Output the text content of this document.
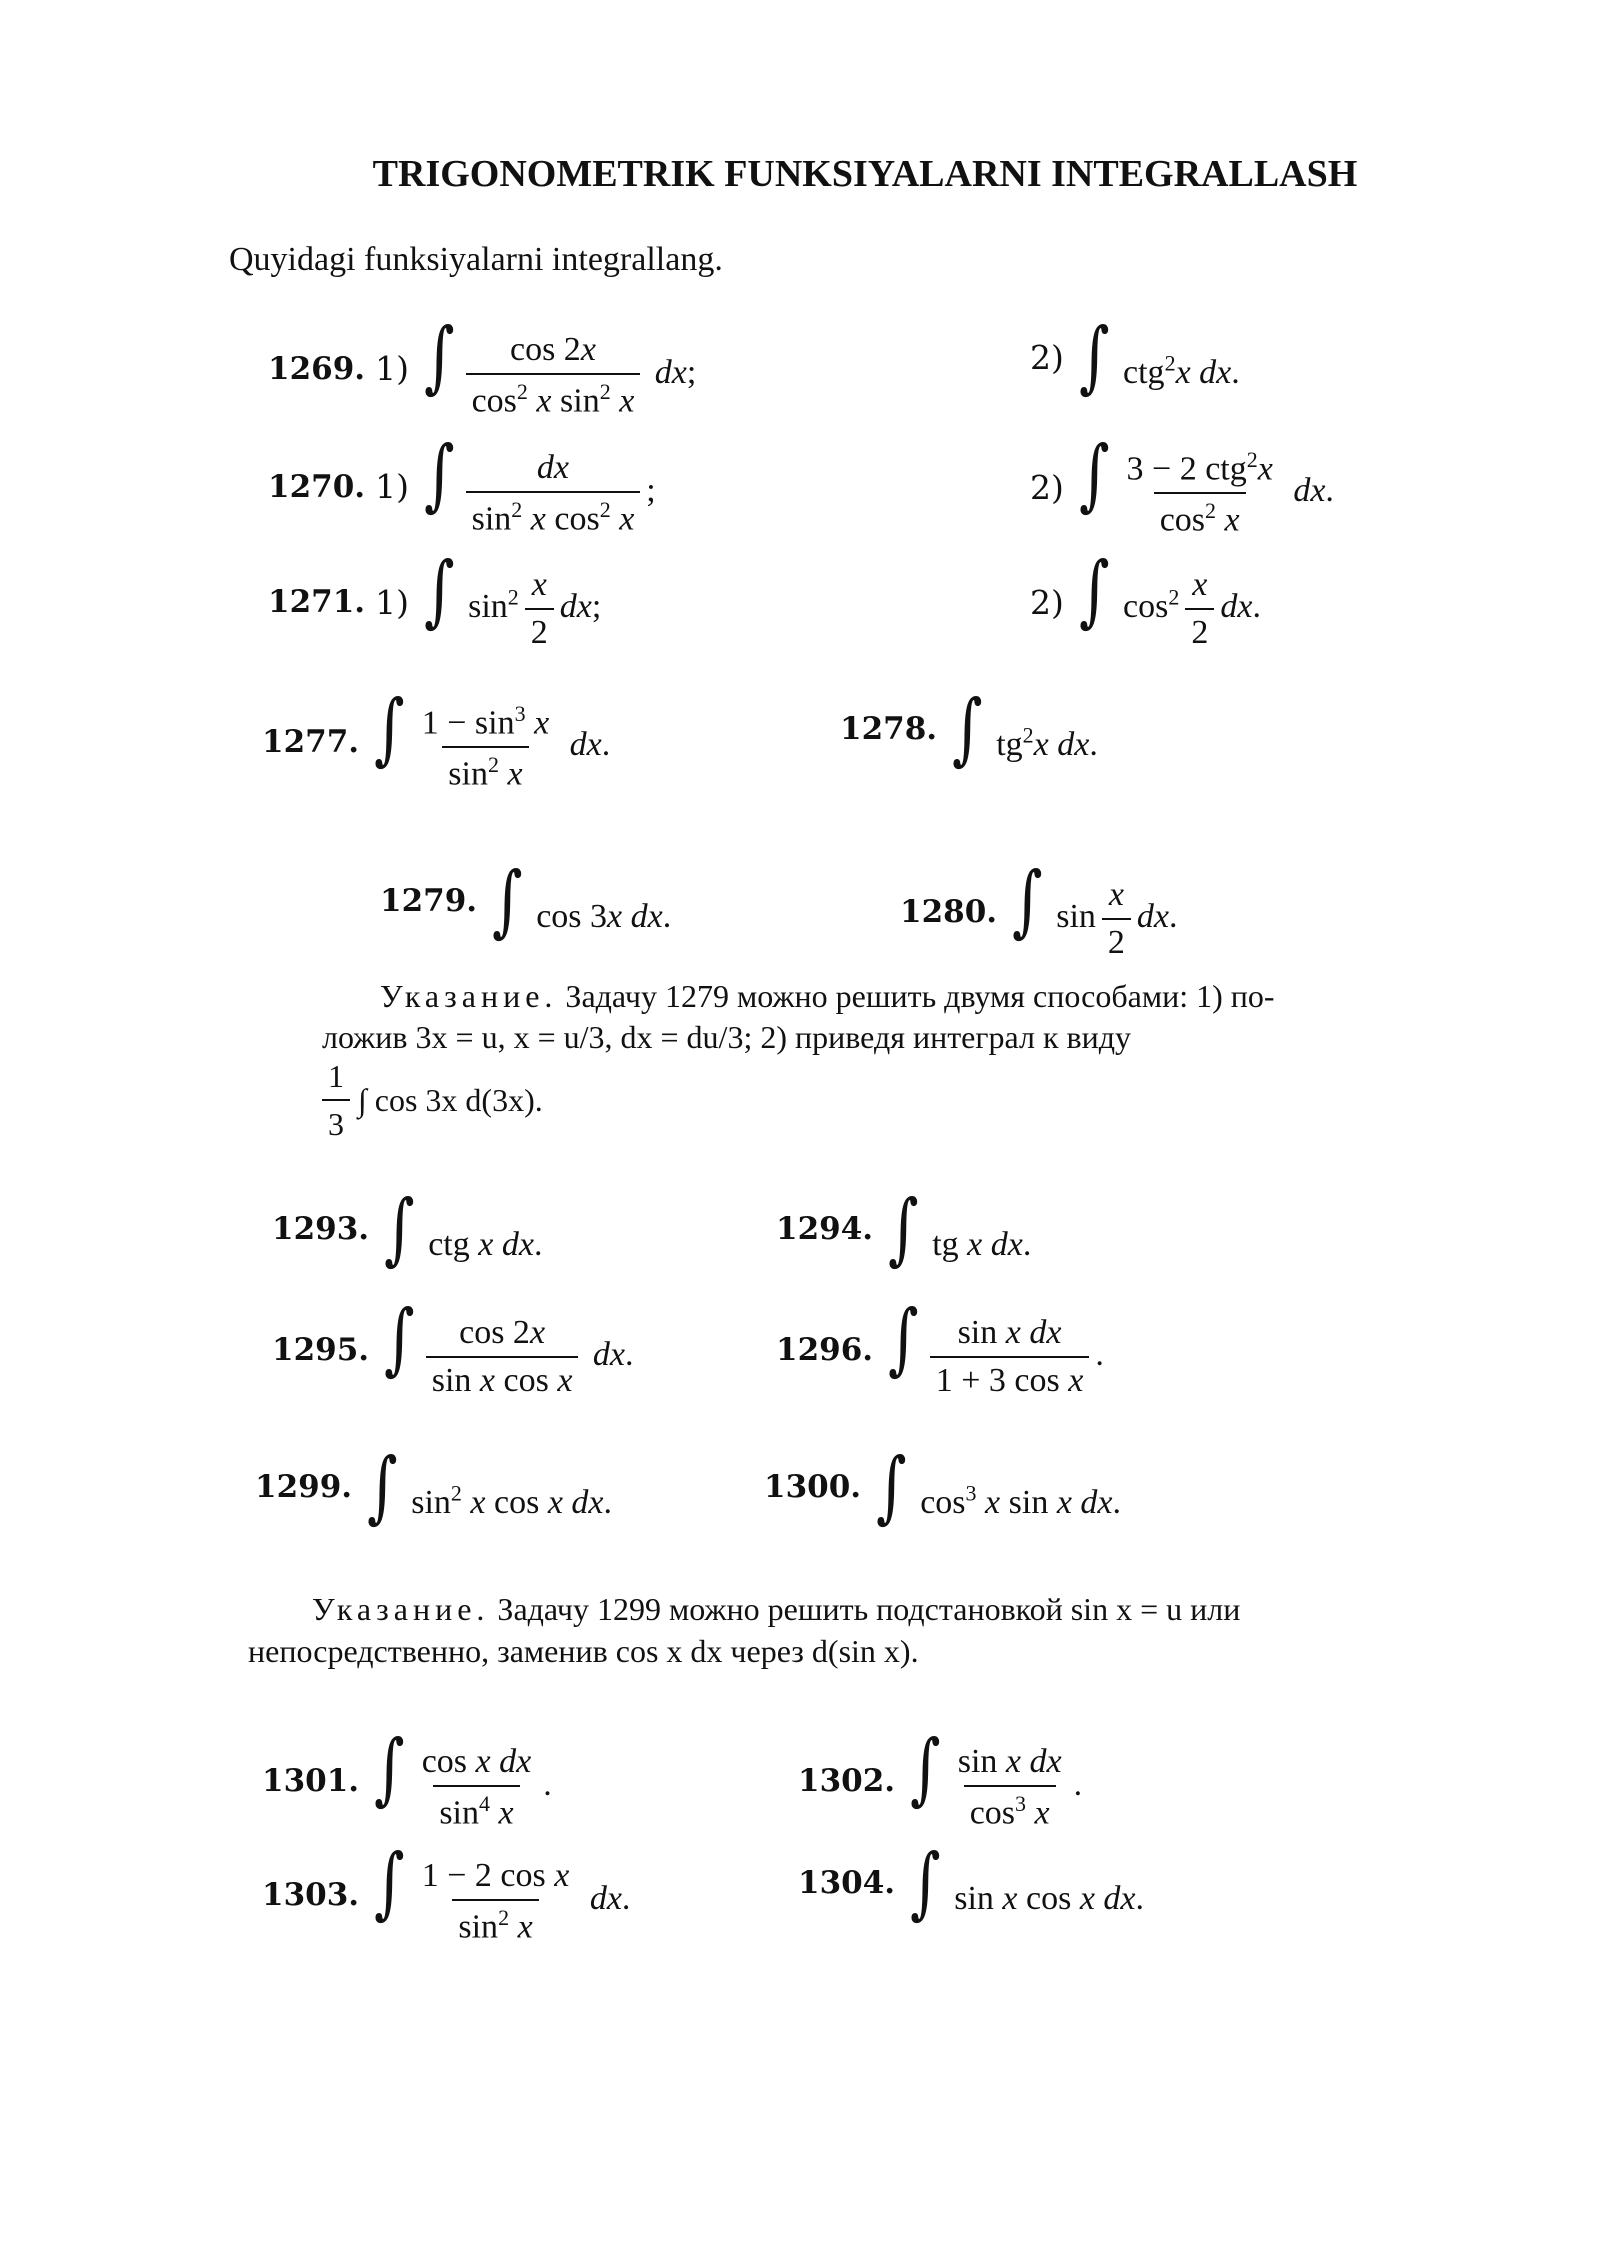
TRIGONOMETRIK FUNKSIYALARNI INTEGRALLASH
Quyidagi funksiyalarni integrallang.
1269. 1) ∫ $\frac{\cos 2x}{\cos^2 x \sin^2 x}$ dx;	2) ∫ ctg$^2$x dx.
1270. 1) ∫ $\frac{dx}{\sin^2 x \cos^2 x}$ ;	2) ∫ $\frac{3 - 2 ctg^2x}{\cos^2 x}$ dx.
1271. 1) ∫ $\sin^2 \frac{x}{2}$ dx;	2) ∫ $\cos^2 \frac{x}{2}$ dx.
1277. ∫ $\frac{1 - \sin^3 x}{\sin^2 x}$ dx.	1278. ∫ $tg^2x$ dx.
1279. ∫ cos 3x dx.	1280. ∫ $\sin \frac{x}{2}$ dx.
Указание. Задачу 1279 можно решить двумя способами: 1) по-
ложив 3x = u, x = u/3, dx = du/3; 2) приведя интеграл к виду
$\frac{1}{3}$ ∫ cos 3x d(3x).
1293. ∫ ctg x dx.	1294. ∫ tg x dx.
1295. ∫ $\frac{\cos 2x}{\text{sin x cos x}}$ dx.	1296. ∫ $\frac{\text{sin x dx}}{\text{1 + 3 cos x}}$ .
1299. ∫ $\sin^2 x$ cos x dx.	1300. ∫ $\cos^3 x$ sin x dx.
Указание. Задачу 1299 можно решить подстановкой sin x = u или
непосредственно, заменив cos x dx через d(sin x).
1301. ∫ $\frac{\text{cos x dx}}{\sin^4 x}$ .	1302. ∫ $\frac{\text{sin x dx}}{\cos^3 x}$ .
1303. ∫ $\frac{\text{1 − 2 cos x}}{\sin^2 x}$ dx.	1304. ∫ sin x cos x dx.
